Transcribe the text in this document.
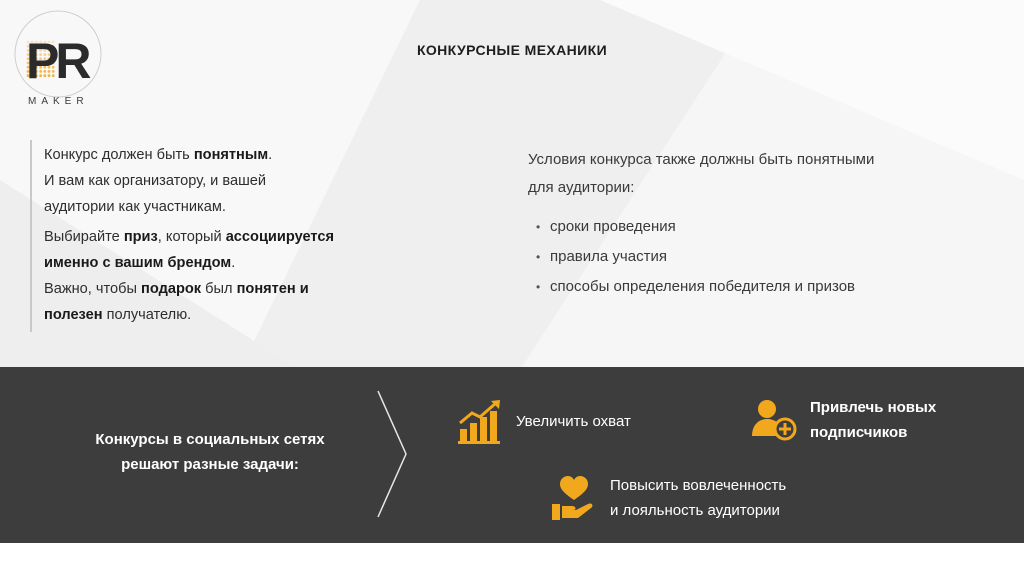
PR
MAKER
КОНКУРСНЫЕ МЕХАНИКИ

Конкурс должен быть понятным.
И вам как организатору, и вашей
аудитории как участникам.

Выбирайте приз, который ассоциируется
именно с вашим брендом.
Важно, чтобы подарок был понятен и
полезен получателю.

Условия конкурса также должны быть понятными
для аудитории:
• сроки проведения
• правила участия
• способы определения победителя и призов
Конкурсы в социальных сетях
решают разные задачи:
Увеличить охват
Привлечь новых
подписчиков
Повысить вовлеченность
и лояльность аудитории
